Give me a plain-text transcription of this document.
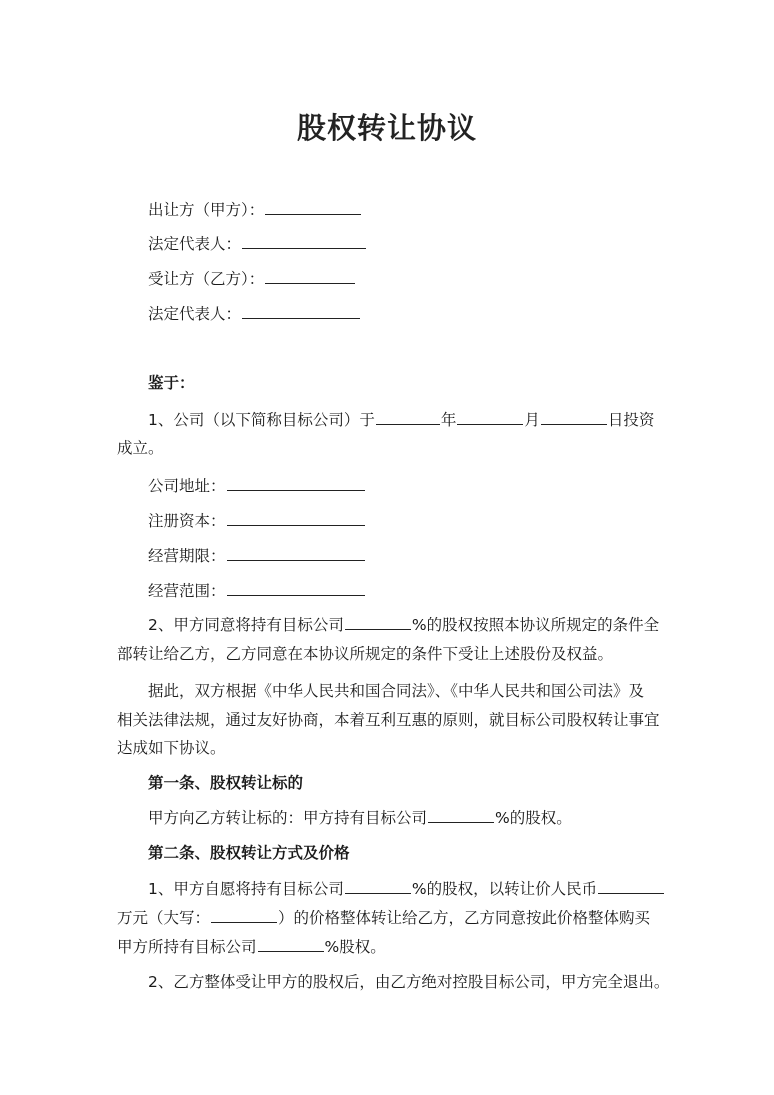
股权转让协议
出让方（甲方）：
法定代表人：
受让方（乙方）：
法定代表人：
鉴于：
1、公司（以下简称目标公司）于	年	月	日投资
成立。
公司地址：
注册资本：
经营期限：
经营范围：
2、甲方同意将持有目标公司	%的股权按照本协议所规定的条件全
部转让给乙方，乙方同意在本协议所规定的条件下受让上述股份及权益。
据此，双方根据《中华人民共和国合同法》、《中华人民共和国公司法》及
相关法律法规，通过友好协商，本着互利互惠的原则，就目标公司股权转让事宜
达成如下协议。
第一条、股权转让标的
甲方向乙方转让标的：甲方持有目标公司	%的股权。
第二条、股权转让方式及价格
1、甲方自愿将持有目标公司	%的股权，以转让价人民币
万元（大写：	）的价格整体转让给乙方，乙方同意按此价格整体购买
甲方所持有目标公司	%股权。
2、乙方整体受让甲方的股权后，由乙方绝对控股目标公司，甲方完全退出。
